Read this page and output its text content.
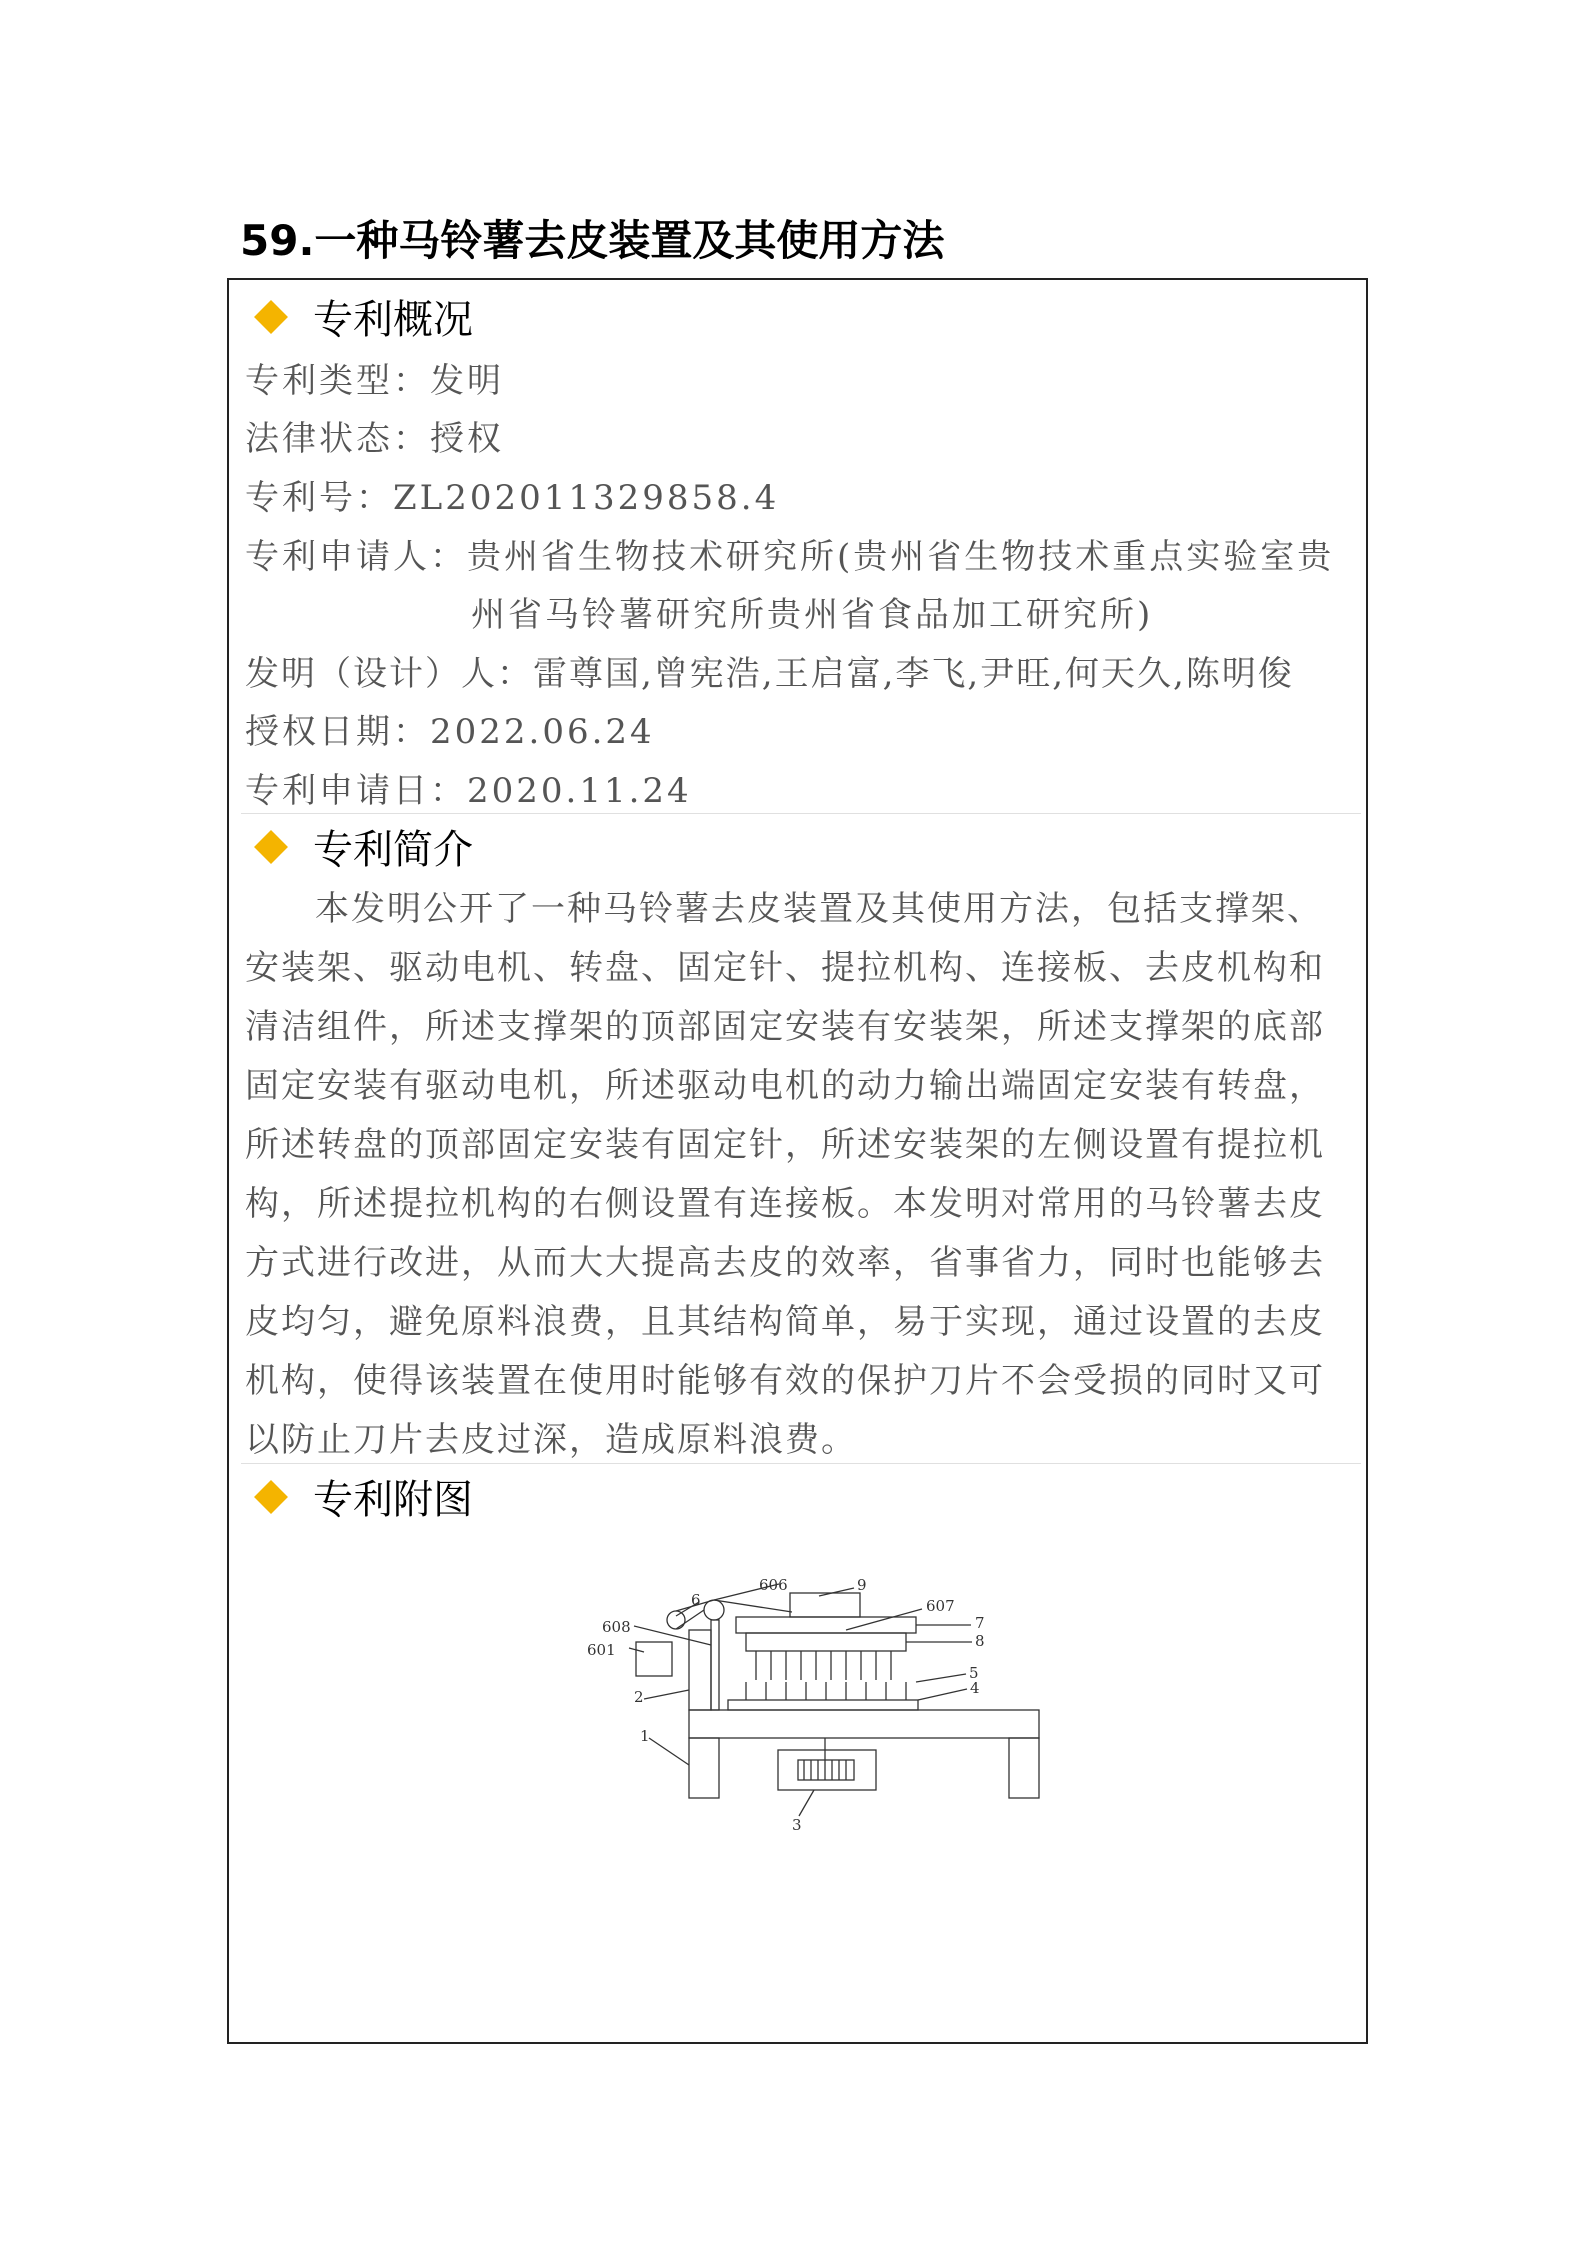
59.一种马铃薯去皮装置及其使用方法
专利概况
专利类型：发明
法律状态：授权
专利号：ZL202011329858.4
专利申请人：贵州省生物技术研究所(贵州省生物技术重点实验室贵
州省马铃薯研究所贵州省食品加工研究所)
发明（设计）人：雷尊国,曾宪浩,王启富,李飞,尹旺,何天久,陈明俊
授权日期：2022.06.24
专利申请日：2020.11.24
专利简介
本发明公开了一种马铃薯去皮装置及其使用方法，包括支撑架、
安装架、驱动电机、转盘、固定针、提拉机构、连接板、去皮机构和
清洁组件，所述支撑架的顶部固定安装有安装架，所述支撑架的底部
固定安装有驱动电机，所述驱动电机的动力输出端固定安装有转盘，
所述转盘的顶部固定安装有固定针，所述安装架的左侧设置有提拉机
构，所述提拉机构的右侧设置有连接板。本发明对常用的马铃薯去皮
方式进行改进，从而大大提高去皮的效率，省事省力，同时也能够去
皮均匀，避免原料浪费，且其结构简单，易于实现，通过设置的去皮
机构，使得该装置在使用时能够有效的保护刀片不会受损的同时又可
以防止刀片去皮过深，造成原料浪费。
专利附图
9
606
607
6
608	7
8
601
5
4
2
1
3
